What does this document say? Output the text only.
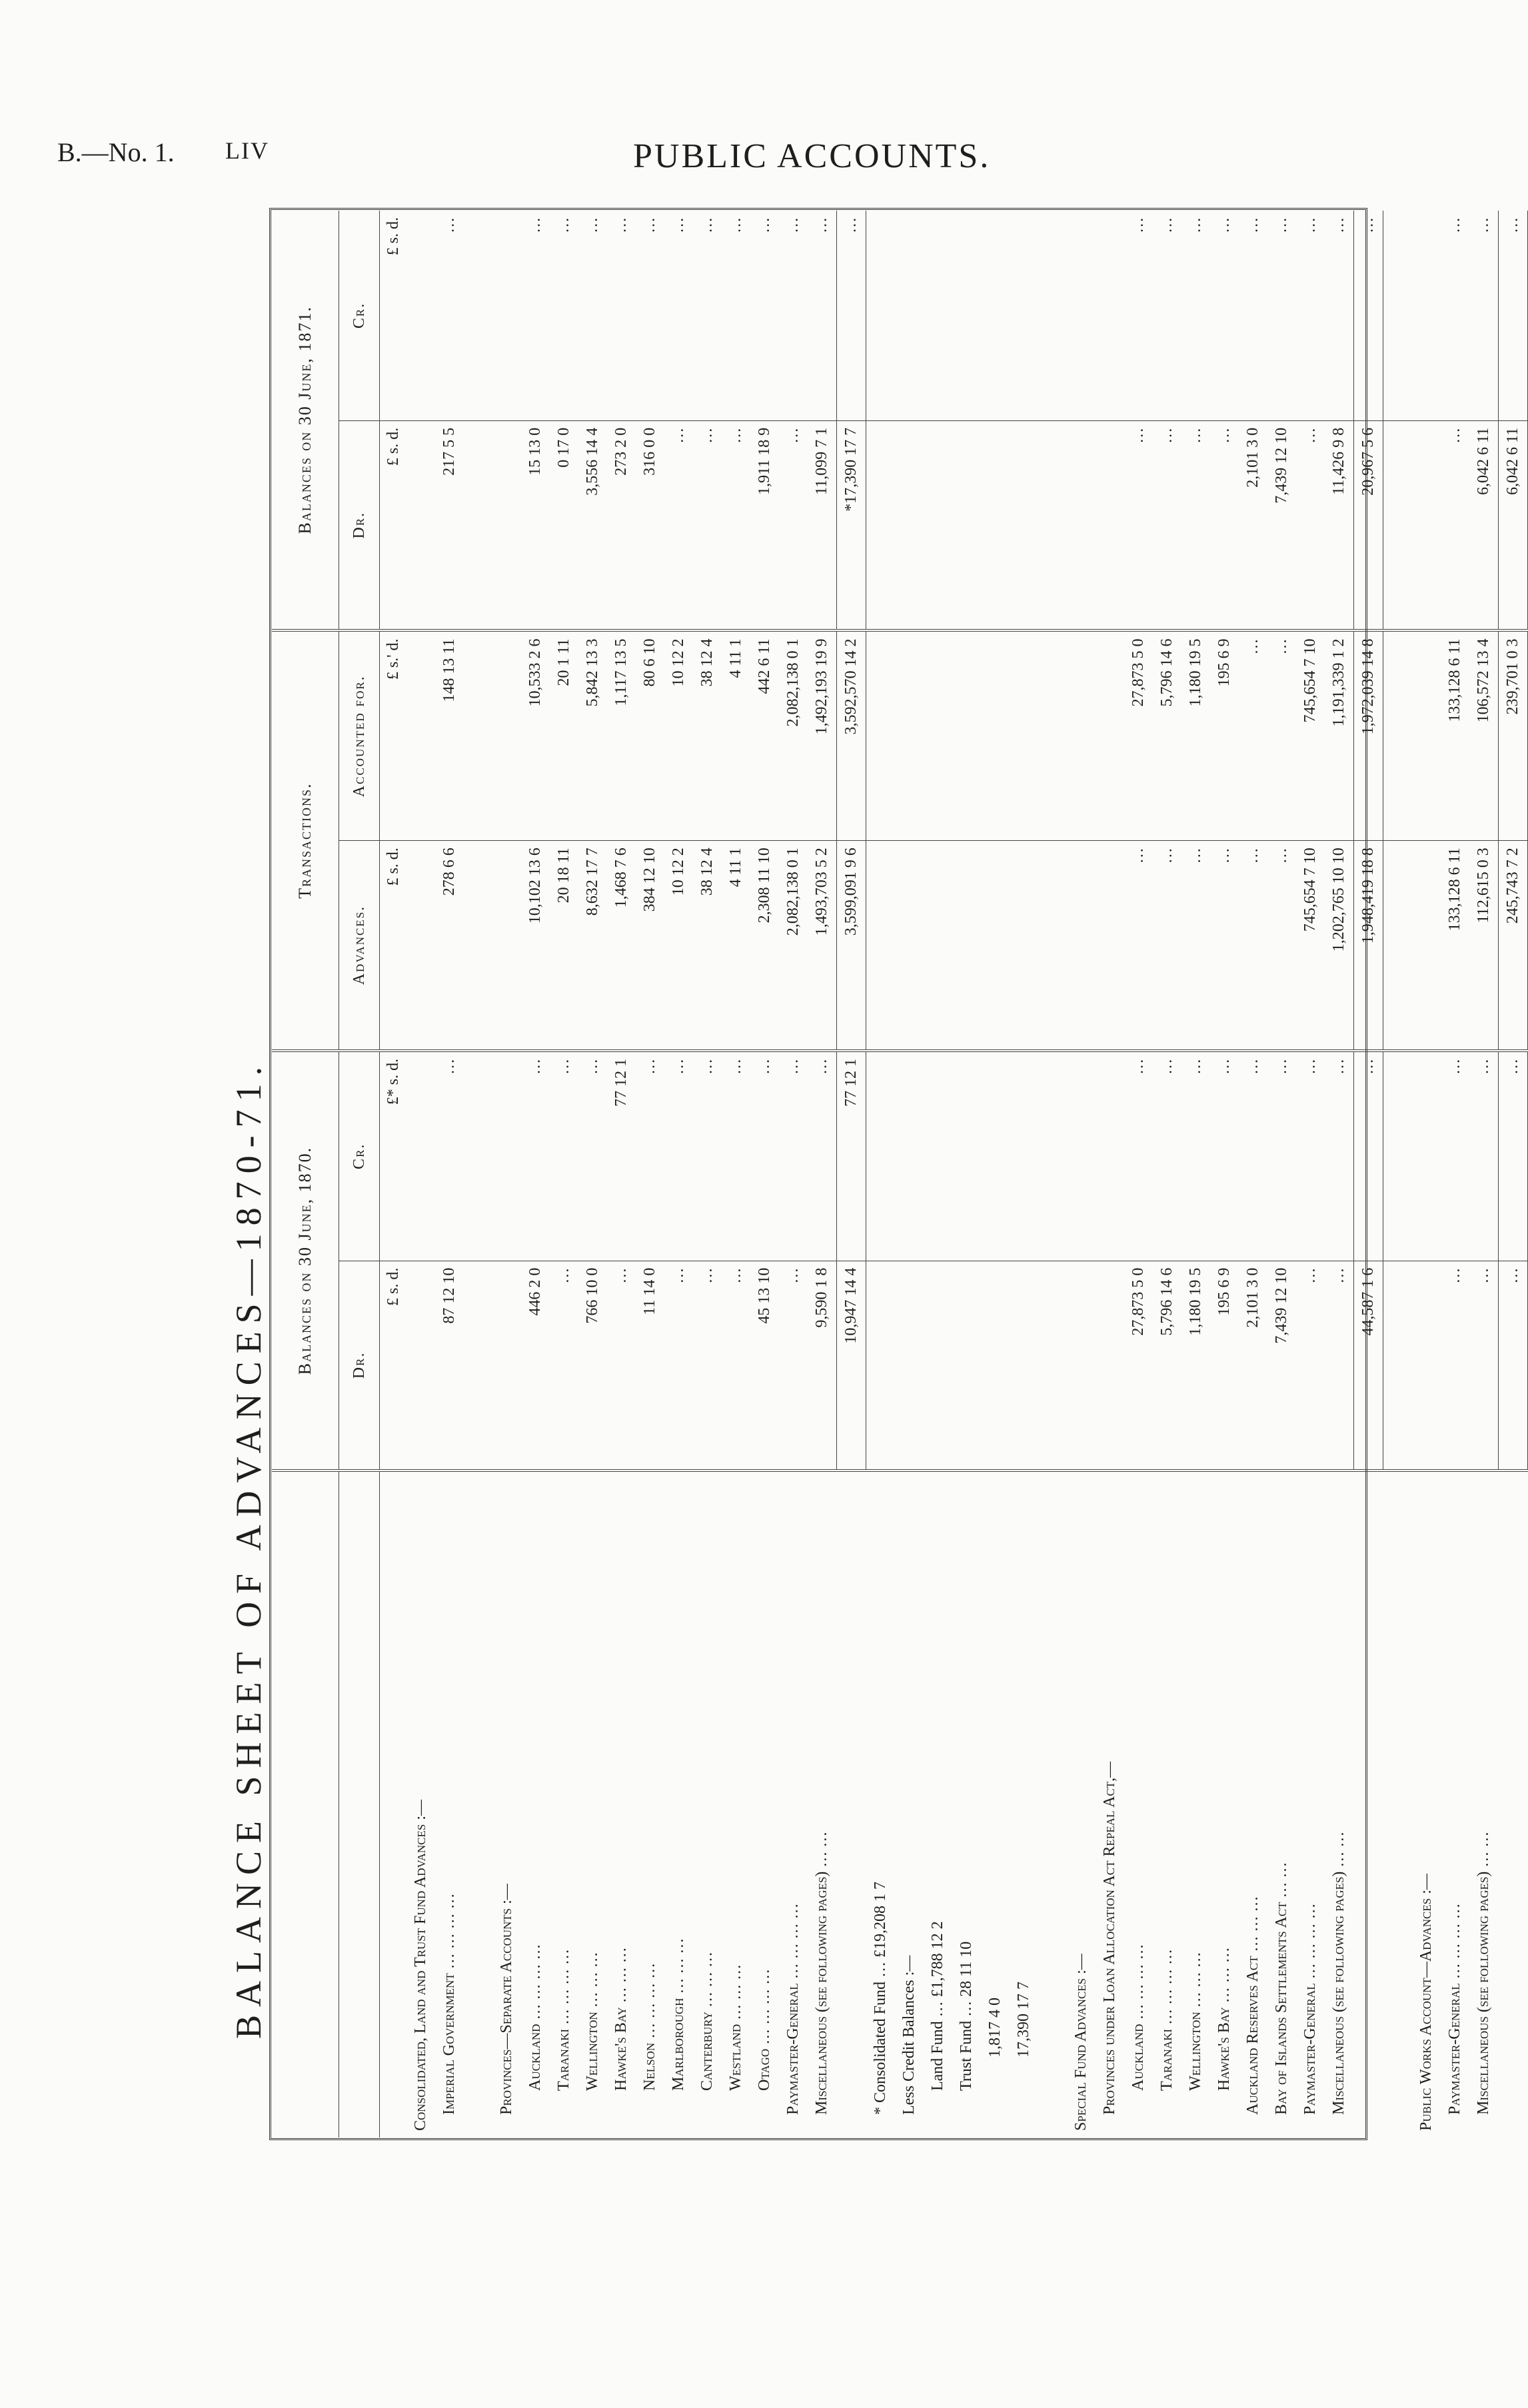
B.—No. 1. LIV	PUBLIC ACCOUNTS.
BALANCE SHEET OF ADVANCES—1870-71.
	Balances on 30 June, 1870.		Transactions.		Balances on 30 June, 1871.	
	Dr.	Cr.	Advances.	Accounted for.	Dr.	Cr.
	£ s. d.	£* s. d.	£ s. d.	£ s.' d.	£ s. d.	£ s. d.
Consolidated, Land and Trust Fund Advances :—						
Imperial Government … … … …	87 12 10	…	278 6 6	148 13 11	217 5 5	…

Provinces—Separate Accounts :—						
Auckland … … … …	446 2 0	…	10,102 13 6	10,533 2 6	15 13 0	…
Taranaki … … … …	…	…	20 18 11	20 1 11	0 17 0	…
Wellington … … …	766 10 0	…	8,632 17 7	5,842 13 3	3,556 14 4	…
Hawke's Bay … … …	…	77 12 1	1,468 7 6	1,117 13 5	273 2 0	…
Nelson … … … …	11 14 0	…	384 12 10	80 6 10	316 0 0	…
Marlborough … … …	…	…	10 12 2	10 12 2	…	…
Canterbury … … …	…	…	38 12 4	38 12 4	…	…
Westland … … …	…	…	4 11 1	4 11 1	…	…
Otago … … … …	45 13 10	…	2,308 11 10	442 6 11	1,911 18 9	…
Paymaster-General … … … …	…	…	2,082,138 0 1	2,082,138 0 1	…	…
Miscellaneous (see following pages) … …	9,590 1 8	…	1,493,703 5 2	1,492,193 19 9	11,099 7 1	…
	10,947 14 4	77 12 1	3,599,091 9 6	3,592,570 14 2	*17,390 17 7	…
* Consolidated Fund … £19,208 1 7						
Less Credit Balances :—						
Land Fund … £1,788 12 2						
Trust Fund … 28 11 10						
1,817 4 0						
17,390 17 7						

Special Fund Advances :—						
Provinces under Loan Allocation Act Repeal Act,—						
Auckland … … … …	27,873 5 0	…	…	27,873 5 0	…	…
Taranaki … … … …	5,796 14 6	…	…	5,796 14 6	…	…
Wellington … … …	1,180 19 5	…	…	1,180 19 5	…	…
Hawke's Bay … … …	195 6 9	…	…	195 6 9	…	…
Auckland Reserves Act … … …	2,101 3 0	…	…	…	2,101 3 0	…
Bay of Islands Settlements Act … …	7,439 12 10	…	…	…	7,439 12 10	…
Paymaster-General … … … …	…	…	745,654 7 10	745,654 7 10	…	…
Miscellaneous (see following pages) … …	…	…	1,202,765 10 10	1,191,339 1 2	11,426 9 8	…
	44,587 1 6	…	1,948,419 18 8	1,972,039 14 8	20,967 5 6	…

Public Works Account—Advances :—						
Paymaster-General … … … …	…	…	133,128 6 11	133,128 6 11	…	…
Miscellaneous (see following pages) … …	…	…	112,615 0 3	106,572 13 4	6,042 6 11	…
	…	…	245,743 7 2	239,701 0 3	6,042 6 11	…
